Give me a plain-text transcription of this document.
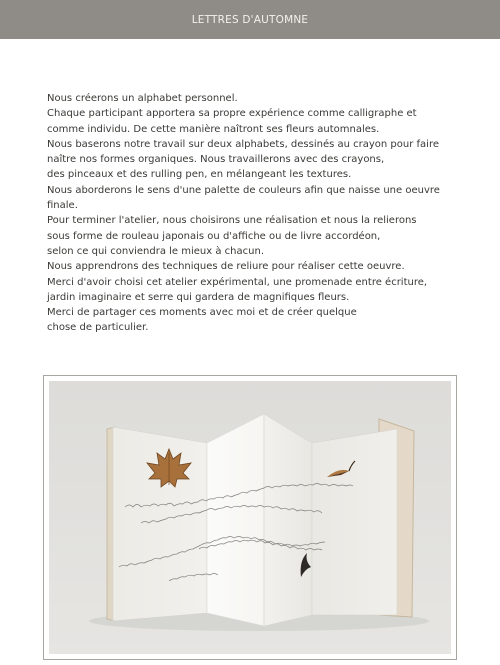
LETTRES D'AUTOMNE

Nous créerons un alphabet personnel.

Chaque participant apportera sa propre expérience comme calligraphe et

comme individu. De cette manière naîtront ses fleurs automnales.

Nous baserons notre travail sur deux alphabets, dessinés au crayon pour faire

naître nos formes organiques. Nous travaillerons avec des crayons,

des pinceaux et des rulling pen, en mélangeant les textures.

Nous aborderons le sens d'une palette de couleurs afin que naisse une oeuvre

finale.

Pour terminer l'atelier, nous choisirons une réalisation et nous la relierons

sous forme de rouleau japonais ou d'affiche ou de livre accordéon,

selon ce qui conviendra le mieux à chacun.

Nous apprendrons des techniques de reliure pour réaliser cette oeuvre.

Merci d'avoir choisi cet atelier expérimental, une promenade entre écriture,

jardin imaginaire et serre qui gardera de magnifiques fleurs.

Merci de partager ces moments avec moi et de créer quelque

chose de particulier.
